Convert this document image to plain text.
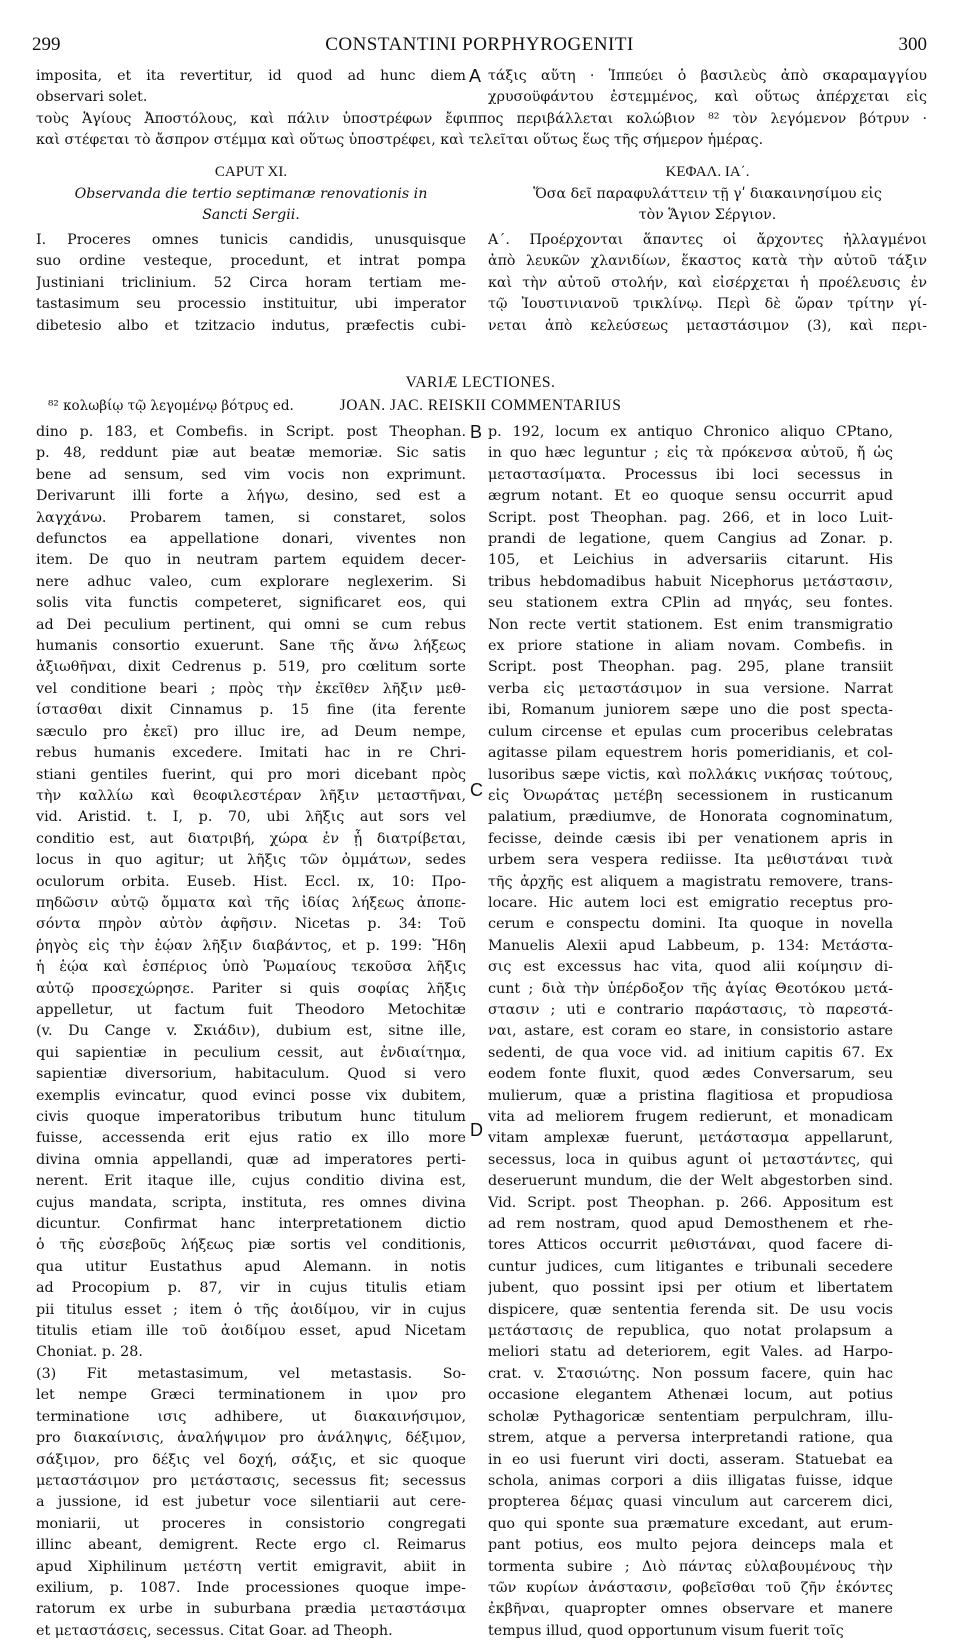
299	CONSTANTINI PORPHYROGENITI	300
imposita, et ita revertitur, id quod ad hunc diem
observari solet.
A τάξις αὕτη · Ἱππεύει ὁ βασιλεὺς ἀπὸ σκαραμαγγίου
χρυσοϋφάντου ἐστεμμένος, καὶ οὕτως ἀπέρχεται εἰς
τοὺς Ἁγίους Ἀποστόλους, καὶ πάλιν ὑποστρέφων ἔφιππος περιβάλλεται κολώβιον ⁸² τὸν λεγόμενον βότρυν ·
καὶ στέφεται τὸ ἄσπρον στέμμα καὶ οὕτως ὑποστρέφει, καὶ τελεῖται οὕτως ἕως τῆς σήμερον ἡμέρας.
CAPUT XI.	ΚΕΦΑΛ. ΙΑ΄.
Observanda die tertio septimanæ renovationis in
Sancti Sergii.
Ὅσα δεῖ παραφυλάττειν τῇ γʹ διακαινησίμου εἰς
τὸν Ἅγιον Σέργιον.
I. Proceres omnes tunicis candidis, unusquisque
suo ordine vesteque, procedunt, et intrat pompa
Justiniani triclinium. 52 Circa horam tertiam me-
tastasimum seu processio instituitur, ubi imperator
dibetesio albo et tzitzacio indutus, præfectis cubi-
Α΄. Προέρχονται ἅπαντες οἱ ἄρχοντες ἠλλαγμένοι
ἀπὸ λευκῶν χλανιδίων, ἕκαστος κατὰ τὴν αὐτοῦ τάξιν
καὶ τὴν αὐτοῦ στολήν, καὶ εἰσέρχεται ἡ προέλευσις ἐν
τῷ Ἰουστινιανοῦ τρικλίνῳ. Περὶ δὲ ὥραν τρίτην γί-
νεται ἀπὸ κελεύσεως μεταστάσιμον (3), καὶ περι-
VARIÆ LECTIONES.
⁸² κολωβίῳ τῷ λεγομένῳ βότρυς ed.	JOAN. JAC. REISKII COMMENTARIUS
dino p. 183, et Combefis. in Script. post Theophan.
p. 48, reddunt piæ aut beatæ memoriæ. Sic satis
bene ad sensum, sed vim vocis non exprimunt.
Derivarunt illi forte a λήγω, desino, sed est a
λαγχάνω. Probarem tamen, si constaret, solos
defunctos ea appellatione donari, viventes non
item. De quo in neutram partem equidem decer-
nere adhuc valeo, cum explorare neglexerim. Si
solis vita functis competeret, significaret eos, qui
ad Dei peculium pertinent, qui omni se cum rebus
humanis consortio exuerunt. Sane τῆς ἄνω λήξεως
ἀξιωθῆναι, dixit Cedrenus p. 519, pro cœlitum sorte
vel conditione beari ; πρὸς τὴν ἐκεῖθεν λῆξιν μεθ-
ίστασθαι dixit Cinnamus p. 15 fine (ita ferente
sæculo pro ἐκεῖ) pro illuc ire, ad Deum nempe,
rebus humanis excedere. Imitati hac in re Chri-
stiani gentiles fuerint, qui pro mori dicebant πρὸς
τὴν καλλίω καὶ θεοφιλεστέραν λῆξιν μεταστῆναι,
vid. Aristid. t. I, p. 70, ubi λῆξις aut sors vel
conditio est, aut διατριβή, χώρα ἐν ᾗ διατρίβεται,
locus in quo agitur; ut λῆξις τῶν ὀμμάτων, sedes
oculorum orbita. Euseb. Hist. Eccl. ɪx, 10: Προ-
πηδῶσιν αὐτῷ ὄμματα καὶ τῆς ἰδίας λήξεως ἀποπε-
σόντα πηρὸν αὐτὸν ἀφῆσιν. Nicetas p. 34: Τοῦ
ῥηγὸς εἰς τὴν ἑῴαν λῆξιν διαβάντος, et p. 199: Ἤδη
ἡ ἑῴα καὶ ἑσπέριος ὑπὸ Ῥωμαίους τεκοῦσα λῆξις
αὐτῷ προσεχώρησε. Pariter si quis σοφίας λῆξις
appelletur, ut factum fuit Theodoro Metochitæ
(v. Du Cange v. Σκιάδιν), dubium est, sitne ille,
qui sapientiæ in peculium cessit, aut ἐνδιαίτημα,
sapientiæ diversorium, habitaculum. Quod si vero
exemplis evincatur, quod evinci posse vix dubitem,
civis quoque imperatoribus tributum hunc titulum
fuisse, accessenda erit ejus ratio ex illo more
divina omnia appellandi, quæ ad imperatores perti-
nerent. Erit itaque ille, cujus conditio divina est,
cujus mandata, scripta, instituta, res omnes divina
dicuntur. Confirmat hanc interpretationem dictio
ὁ τῆς εὐσεβοῦς λήξεως piæ sortis vel conditionis,
qua utitur Eustathus apud Alemann. in notis
ad Procopium p. 87, vir in cujus titulis etiam
pii titulus esset ; item ὁ τῆς ἀοιδίμου, vir in cujus
titulis etiam ille τοῦ ἀοιδίμου esset, apud Nicetam
Choniat. p. 28.
(3) Fit metastasimum, vel metastasis. So-
let nempe Græci terminationem in ιμον pro
terminatione ισις adhibere, ut διακαινήσιμον,
pro διακαίνισις, ἀναλήψιμον pro ἀνάληψις, δέξιμον,
σάξιμον, pro δέξις vel δοχή, σάξις, et sic quoque
μεταστάσιμον pro μετάστασις, secessus fit; secessus
a jussione, id est jubetur voce silentiarii aut cere-
moniarii, ut proceres in consistorio congregati
illinc abeant, demigrent. Recte ergo cl. Reimarus
apud Xiphilinum μετέστη vertit emigravit, abiit in
exilium, p. 1087. Inde processiones quoque impe-
ratorum ex urbe in suburbana prædia μεταστάσιμα
et μεταστάσεις, secessus. Citat Goar. ad Theoph.
p. 192, locum ex antiquo Chronico aliquo CPtano,
in quo hæc leguntur ; εἰς τὰ πρόκενσα αὐτοῦ, ἤ ὡς
μεταστασίματα. Processus ibi loci secessus in
ægrum notant. Et eo quoque sensu occurrit apud
Script. post Theophan. pag. 266, et in loco Luit-
prandi de legatione, quem Cangius ad Zonar. p.
105, et Leichius in adversariis citarunt. His
tribus hebdomadibus habuit Nicephorus μετάστασιν,
seu stationem extra CPlin ad πηγάς, seu fontes.
Non recte vertit stationem. Est enim transmigratio
ex priore statione in aliam novam. Combefis. in
Script. post Theophan. pag. 295, plane transiit
verba εἰς μεταστάσιμον in sua versione. Narrat
ibi, Romanum juniorem sæpe uno die post specta-
culum circense et epulas cum proceribus celebratas
agitasse pilam equestrem horis pomeridianis, et col-
lusoribus sæpe victis, καὶ πολλάκις νικήσας τούτους,
εἰς Ὀνωράτας μετέβη secessionem in rusticanum
palatium, prædiumve, de Honorata cognominatum,
fecisse, deinde cæsis ibi per venationem apris in
urbem sera vespera rediisse. Ita μεθιστάναι τινὰ
τῆς ἀρχῆς est aliquem a magistratu removere, trans-
locare. Hic autem loci est emigratio receptus pro-
cerum e conspectu domini. Ita quoque in novella
Manuelis Alexii apud Labbeum, p. 134: Μετάστα-
σις est excessus hac vita, quod alii κοίμησιν di-
cunt ; διὰ τὴν ὑπέρδοξον τῆς ἁγίας Θεοτόκου μετά-
στασιν ; uti e contrario παράστασις, τὸ παρεστά-
ναι, astare, est coram eo stare, in consistorio astare
sedenti, de qua voce vid. ad initium capitis 67. Ex
eodem fonte fluxit, quod ædes Conversarum, seu
mulierum, quæ a pristina flagitiosa et propudiosa
vita ad meliorem frugem redierunt, et monadicam
vitam amplexæ fuerunt, μετάστασμα appellarunt,
secessus, loca in quibus agunt οἱ μεταστάντες, qui
deseruerunt mundum, die der Welt abgestorben sind.
Vid. Script. post Theophan. p. 266. Appositum est
ad rem nostram, quod apud Demosthenem et rhe-
tores Atticos occurrit μεθιστάναι, quod facere di-
cuntur judices, cum litigantes e tribunali secedere
jubent, quo possint ipsi per otium et libertatem
dispicere, quæ sententia ferenda sit. De usu vocis
μετάστασις de republica, quo notat prolapsum a
meliori statu ad deteriorem, egit Vales. ad Harpo-
crat. v. Στασιώτης. Non possum facere, quin hac
occasione elegantem Athenæi locum, aut potius
scholæ Pythagoricæ sententiam perpulchram, illu-
strem, atque a perversa interpretandi ratione, qua
in eo usi fuerunt viri docti, asseram. Statuebat ea
schola, animas corpori a diis illigatas fuisse, idque
propterea δέμας quasi vinculum aut carcerem dici,
quo qui sponte sua præmature excedant, aut erum-
pant potius, eos multo pejora deinceps mala et
tormenta subire ; Διὸ πάντας εὐλαβουμένους τὴν
τῶν κυρίων ἀνάστασιν, φοβεῖσθαι τοῦ ζῆν ἑκόντες
ἐκβῆναι, quapropter omnes observare et manere
tempus illud, quod opportunum visum fuerit τοῖς
B
C
D
